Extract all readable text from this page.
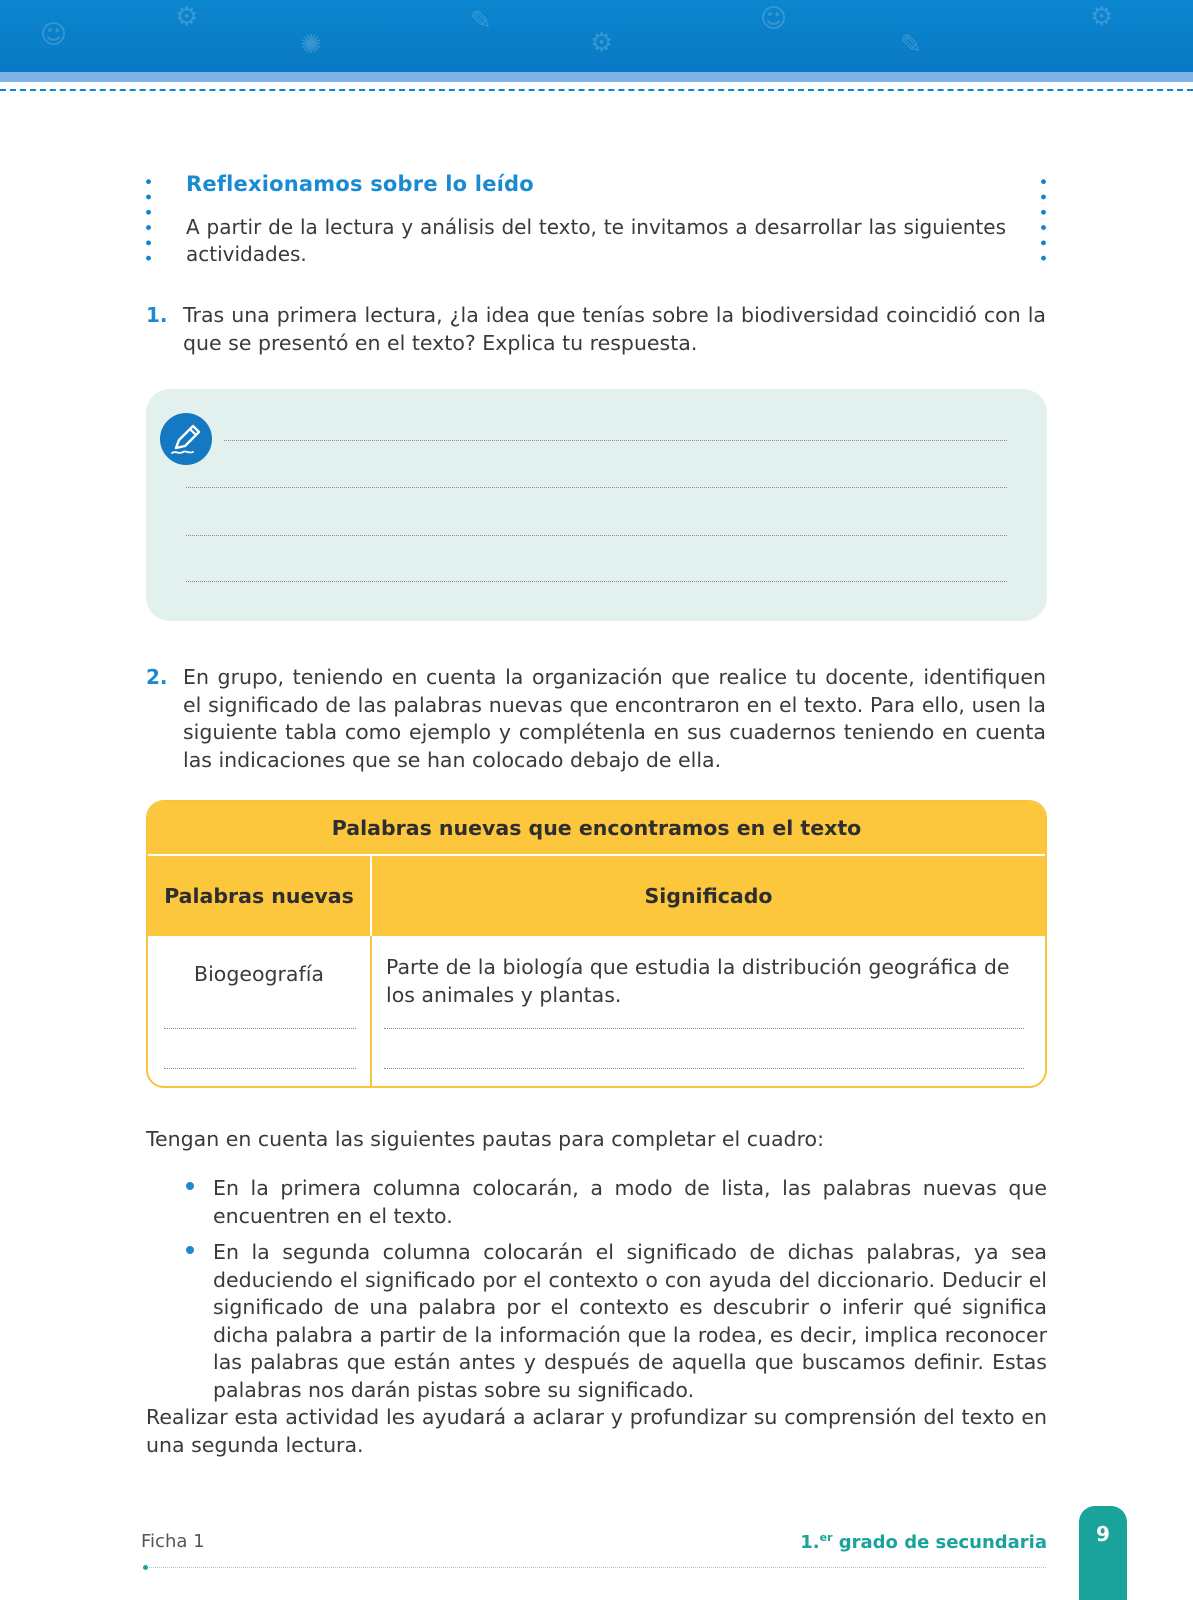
☺
⚙
✺
✎
⚙
☺
✎
⚙
Reflexionamos sobre lo leído
A partir de la lectura y análisis del texto, te invitamos a desarrollar las siguientes actividades.
1. Tras una primera lectura, ¿la idea que tenías sobre la biodiversidad coincidió con la que se presentó en el texto? Explica tu respuesta.
2. En grupo, teniendo en cuenta la organización que realice tu docente, identifiquen el significado de las palabras nuevas que encontraron en el texto. Para ello, usen la siguiente tabla como ejemplo y complétenla en sus cuadernos teniendo en cuenta las indicaciones que se han colocado debajo de ella.
Palabras nuevas que encontramos en el texto
Palabras nuevas	Significado
Biogeografía	Parte de la biología que estudia la distribución geográfica de los animales y plantas.
Tengan en cuenta las siguientes pautas para completar el cuadro:
En la primera columna colocarán, a modo de lista, las palabras nuevas que encuentren en el texto.
En la segunda columna colocarán el significado de dichas palabras, ya sea deduciendo el significado por el contexto o con ayuda del diccionario. Deducir el significado de una palabra por el contexto es descubrir o inferir qué significa dicha palabra a partir de la información que la rodea, es decir, implica reconocer las palabras que están antes y después de aquella que buscamos definir. Estas palabras nos darán pistas sobre su significado.
Realizar esta actividad les ayudará a aclarar y profundizar su comprensión del texto en una segunda lectura.
Ficha 1	1.$^{er}$ grado de secundaria	9
